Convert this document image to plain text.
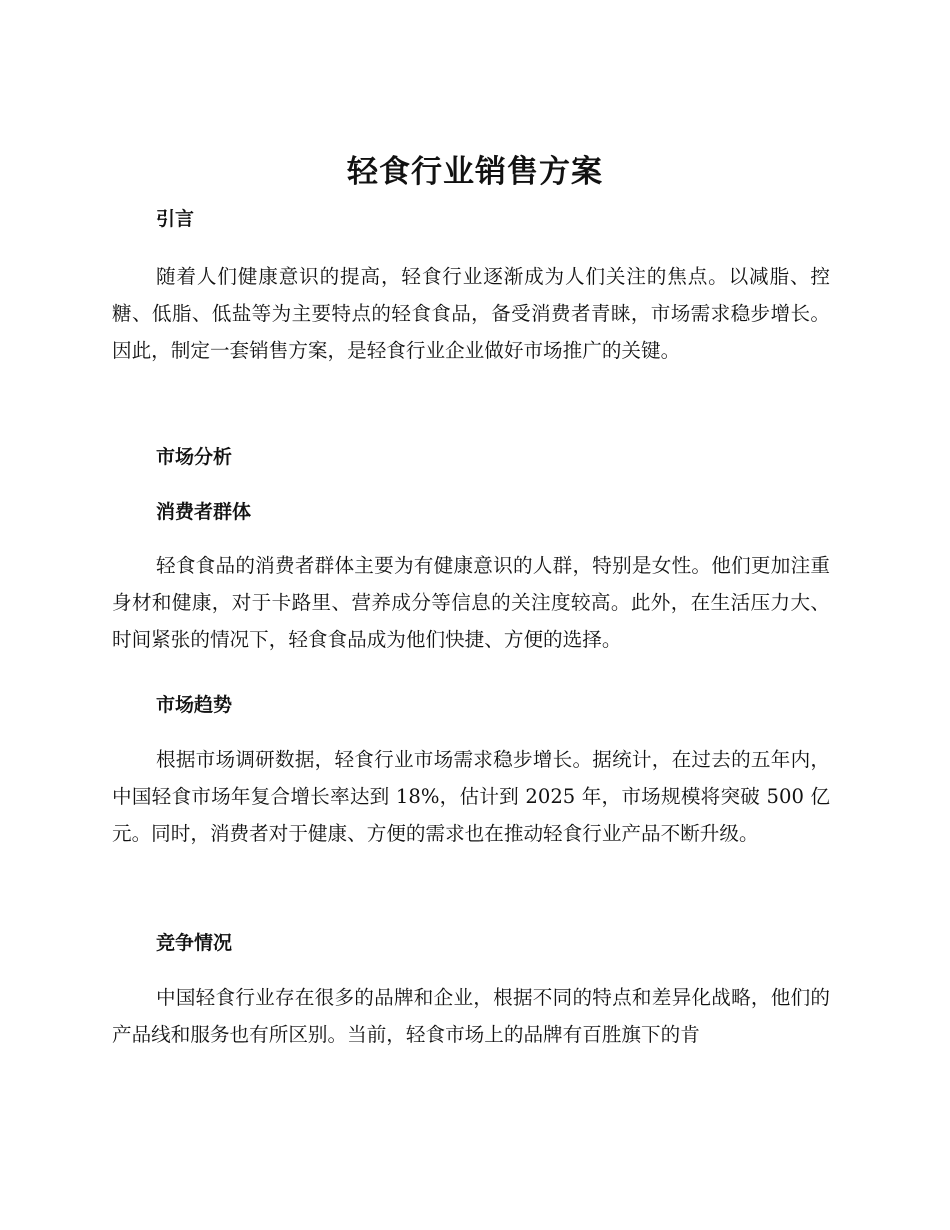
轻食行业销售方案
引言

随着人们健康意识的提高，轻食行业逐渐成为人们关注的焦点。以减脂、控糖、低脂、低盐等为主要特点的轻食食品，备受消费者青睐，市场需求稳步增长。因此，制定一套销售方案，是轻食行业企业做好市场推广的关键。

市场分析
消费者群体

轻食食品的消费者群体主要为有健康意识的人群，特别是女性。他们更加注重身材和健康，对于卡路里、营养成分等信息的关注度较高。此外，在生活压力大、时间紧张的情况下，轻食食品成为他们快捷、方便的选择。

市场趋势

根据市场调研数据，轻食行业市场需求稳步增长。据统计，在过去的五年内，中国轻食市场年复合增长率达到 18%，估计到 2025 年，市场规模将突破 500 亿元。同时，消费者对于健康、方便的需求也在推动轻食行业产品不断升级。

竞争情况

中国轻食行业存在很多的品牌和企业，根据不同的特点和差异化战略，他们的产品线和服务也有所区别。当前，轻食市场上的品牌有百胜旗下的肯
